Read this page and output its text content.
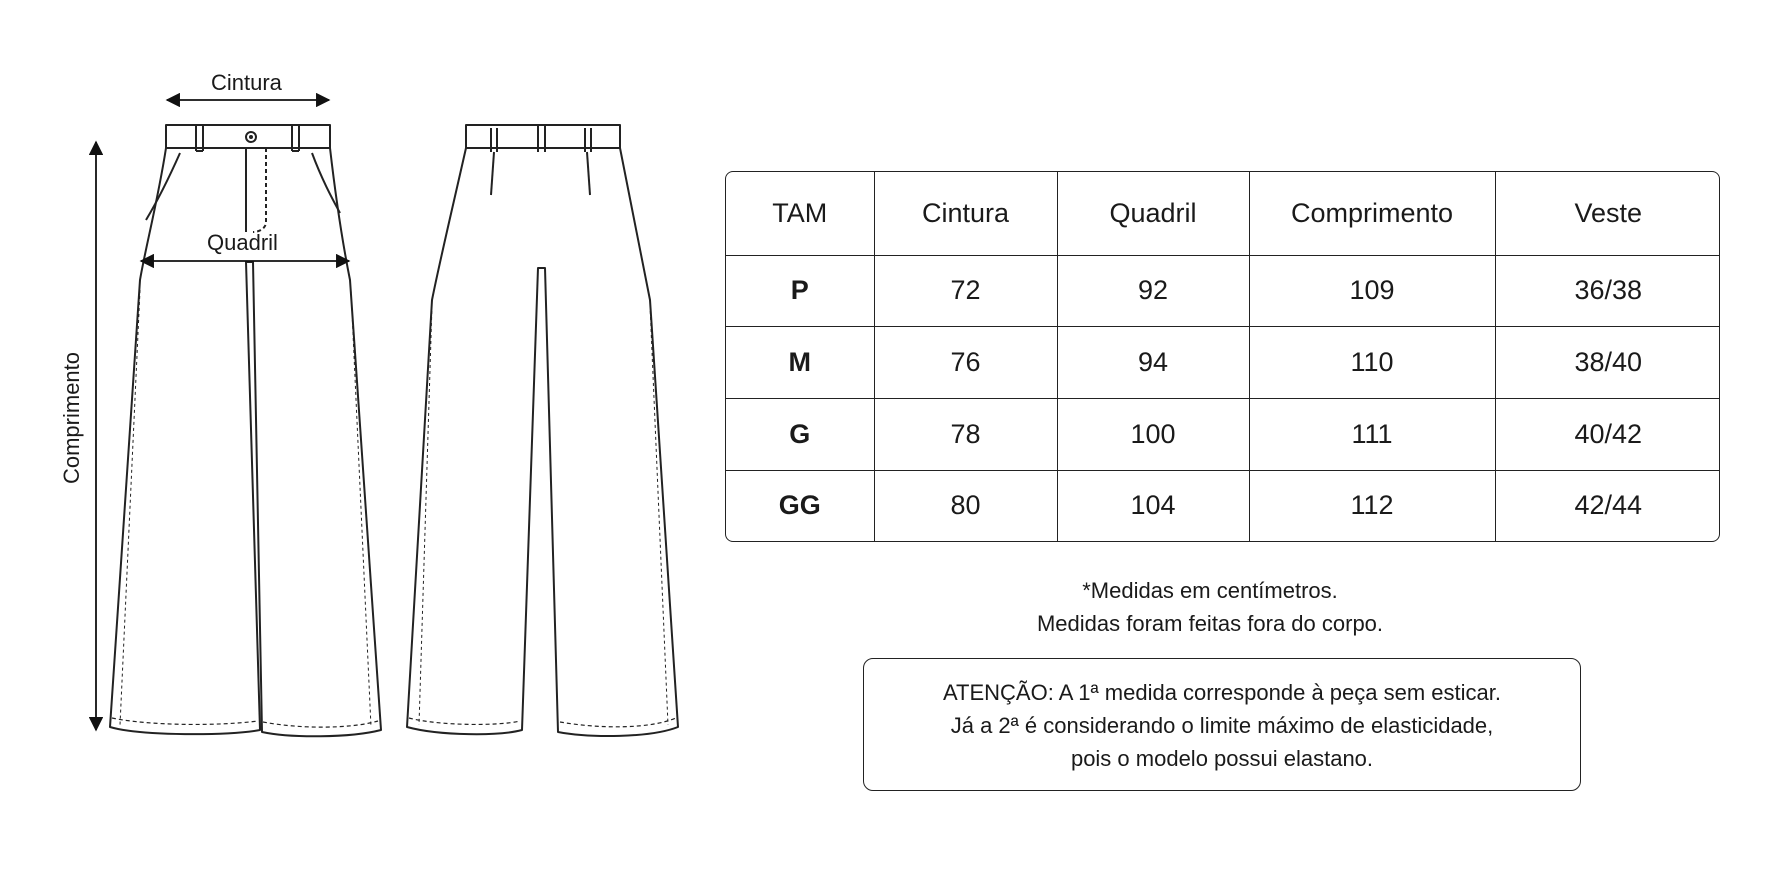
Cintura
Quadril
Comprimento
TAM	Cintura	Quadril	Comprimento	Veste
P	72	92	109	36/38
M	76	94	110	38/40
G	78	100	111	40/42
GG	80	104	112	42/44
*Medidas em centímetros.
Medidas foram feitas fora do corpo.
ATENÇÃO: A 1ª medida corresponde à peça sem esticar.
Já a 2ª é considerando o limite máximo de elasticidade,
pois o modelo possui elastano.
